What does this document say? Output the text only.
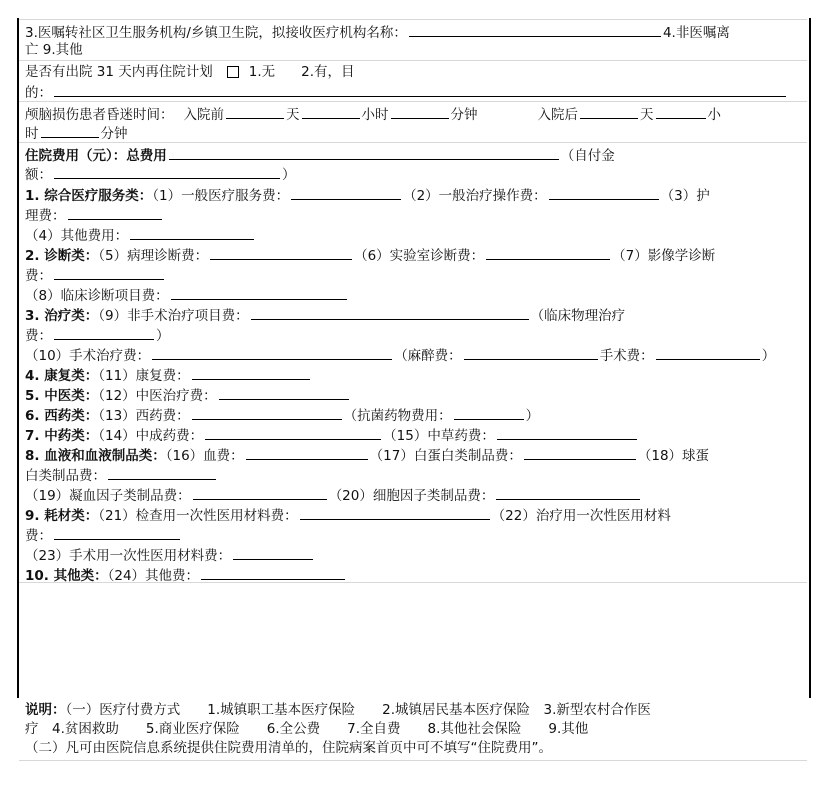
3.医嘱转社区卫生服务机构/乡镇卫生院，拟接收医疗机构名称：	4.非医嘱离
亡 9.其他
是否有出院 31 天内再住院计划	1.无 2.有，目
的：
颅脑损伤患者昏迷时间： 入院前	天	小时	分钟	入院后	天	小
时	分钟
住院费用（元）：总费用	（自付金
额：	）
1. 综合医疗服务类：（1）一般医疗服务费：	（2）一般治疗操作费：	（3）护
理费：
（4）其他费用：
2. 诊断类：（5）病理诊断费：	（6）实验室诊断费：	（7）影像学诊断
费：
（8）临床诊断项目费：
3. 治疗类：（9）非手术治疗项目费：	（临床物理治疗
费：	）
（10）手术治疗费：	（麻醉费：	手术费：	）
4. 康复类：（11）康复费：
5. 中医类：（12）中医治疗费：
6. 西药类：（13）西药费：	（抗菌药物费用：	）
7. 中药类：（14）中成药费：	（15）中草药费：
8. 血液和血液制品类：（16）血费：	（17）白蛋白类制品费：	（18）球蛋
白类制品费：
（19）凝血因子类制品费：	（20）细胞因子类制品费：
9. 耗材类：（21）检查用一次性医用材料费：	（22）治疗用一次性医用材料
费：
（23）手术用一次性医用材料费：
10. 其他类：（24）其他费：
说明：（一）医疗付费方式　　1.城镇职工基本医疗保险　　2.城镇居民基本医疗保险　3.新型农村合作医
疗　4.贫困救助　　5.商业医疗保险　　6.全公费　　7.全自费　　8.其他社会保险　　9.其他
（二）凡可由医院信息系统提供住院费用清单的，住院病案首页中可不填写“住院费用”。
